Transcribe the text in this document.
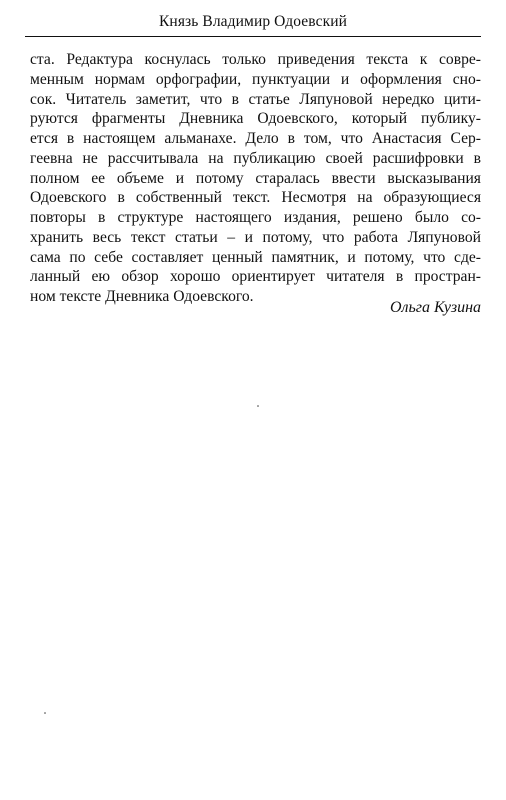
Князь Владимир Одоевский
ста. Редактура коснулась только приведения текста к совре-
менным нормам орфографии, пунктуации и оформления сно-
сок. Читатель заметит, что в статье Ляпуновой нередко цити-
руются фрагменты Дневника Одоевского, который публику-
ется в настоящем альманахе. Дело в том, что Анастасия Сер-
геевна не рассчитывала на публикацию своей расшифровки в
полном ее объеме и потому старалась ввести высказывания
Одоевского в собственный текст. Несмотря на образующиеся
повторы в структуре настоящего издания, решено было со-
хранить весь текст статьи – и потому, что работа Ляпуновой
сама по себе составляет ценный памятник, и потому, что сде-
ланный ею обзор хорошо ориентирует читателя в простран-
ном тексте Дневника Одоевского.
Ольга Кузина
